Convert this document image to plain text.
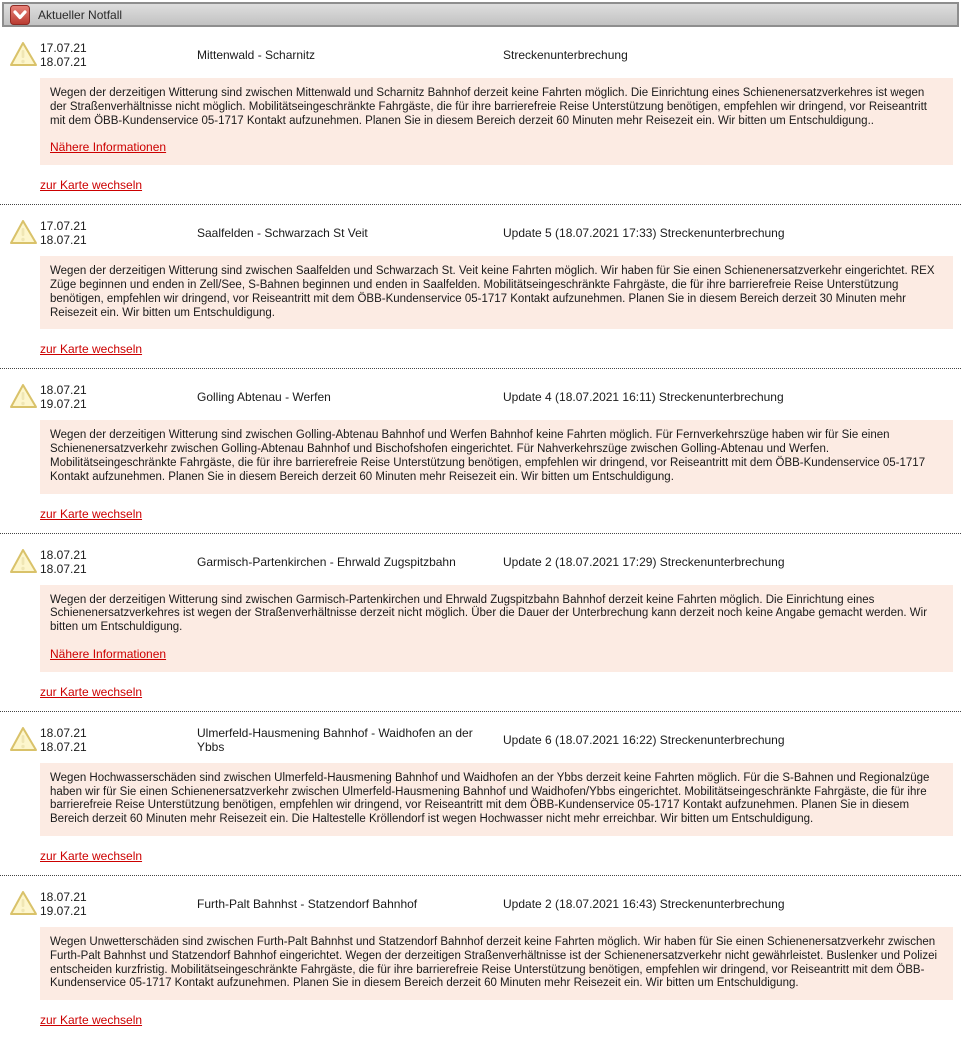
Aktueller Notfall
17.07.21
18.07.21	Mittenwald - Scharnitz	Streckenunterbrechung
Wegen der derzeitigen Witterung sind zwischen Mittenwald und Scharnitz Bahnhof derzeit keine Fahrten möglich. Die Einrichtung eines Schienenersatzverkehres ist wegen der Straßenverhältnisse nicht möglich. Mobilitätseingeschränkte Fahrgäste, die für ihre barrierefreie Reise Unterstützung benötigen, empfehlen wir dringend, vor Reiseantritt mit dem ÖBB-Kundenservice 05-1717 Kontakt aufzunehmen. Planen Sie in diesem Bereich derzeit 60 Minuten mehr Reisezeit ein. Wir bitten um Entschuldigung..
Nähere Informationen
zur Karte wechseln
17.07.21
18.07.21	Saalfelden - Schwarzach St Veit	Update 5 (18.07.2021 17:33) Streckenunterbrechung
Wegen der derzeitigen Witterung sind zwischen Saalfelden und Schwarzach St. Veit keine Fahrten möglich. Wir haben für Sie einen Schienenersatzverkehr eingerichtet. REX Züge beginnen und enden in Zell/See, S-Bahnen beginnen und enden in Saalfelden. Mobilitätseingeschränkte Fahrgäste, die für ihre barrierefreie Reise Unterstützung benötigen, empfehlen wir dringend, vor Reiseantritt mit dem ÖBB-Kundenservice 05-1717 Kontakt aufzunehmen. Planen Sie in diesem Bereich derzeit 30 Minuten mehr Reisezeit ein. Wir bitten um Entschuldigung.
zur Karte wechseln
18.07.21
19.07.21	Golling Abtenau - Werfen	Update 4 (18.07.2021 16:11) Streckenunterbrechung
Wegen der derzeitigen Witterung sind zwischen Golling-Abtenau Bahnhof und Werfen Bahnhof keine Fahrten möglich. Für Fernverkehrszüge haben wir für Sie einen Schienenersatzverkehr zwischen Golling-Abtenau Bahnhof und Bischofshofen eingerichtet. Für Nahverkehrszüge zwischen Golling-Abtenau und Werfen. Mobilitätseingeschränkte Fahrgäste, die für ihre barrierefreie Reise Unterstützung benötigen, empfehlen wir dringend, vor Reiseantritt mit dem ÖBB-Kundenservice 05-1717 Kontakt aufzunehmen. Planen Sie in diesem Bereich derzeit 60 Minuten mehr Reisezeit ein. Wir bitten um Entschuldigung.
zur Karte wechseln
18.07.21
18.07.21	Garmisch-Partenkirchen - Ehrwald Zugspitzbahn	Update 2 (18.07.2021 17:29) Streckenunterbrechung
Wegen der derzeitigen Witterung sind zwischen Garmisch-Partenkirchen und Ehrwald Zugspitzbahn Bahnhof derzeit keine Fahrten möglich. Die Einrichtung eines Schienenersatzverkehres ist wegen der Straßenverhältnisse derzeit nicht möglich. Über die Dauer der Unterbrechung kann derzeit noch keine Angabe gemacht werden. Wir bitten um Entschuldigung.
Nähere Informationen
zur Karte wechseln
18.07.21
18.07.21
Ulmerfeld-Hausmening Bahnhof - Waidhofen an der Ybbs	Update 6 (18.07.2021 16:22) Streckenunterbrechung
Wegen Hochwasserschäden sind zwischen Ulmerfeld-Hausmening Bahnhof und Waidhofen an der Ybbs derzeit keine Fahrten möglich. Für die S-Bahnen und Regionalzüge haben wir für Sie einen Schienenersatzverkehr zwischen Ulmerfeld-Hausmening Bahnhof und Waidhofen/Ybbs eingerichtet. Mobilitätseingeschränkte Fahrgäste, die für ihre barrierefreie Reise Unterstützung benötigen, empfehlen wir dringend, vor Reiseantritt mit dem ÖBB-Kundenservice 05-1717 Kontakt aufzunehmen. Planen Sie in diesem Bereich derzeit 60 Minuten mehr Reisezeit ein. Die Haltestelle Kröllendorf ist wegen Hochwasser nicht mehr erreichbar. Wir bitten um Entschuldigung.
zur Karte wechseln
18.07.21
19.07.21	Furth-Palt Bahnhst - Statzendorf Bahnhof	Update 2 (18.07.2021 16:43) Streckenunterbrechung
Wegen Unwetterschäden sind zwischen Furth-Palt Bahnhst und Statzendorf Bahnhof derzeit keine Fahrten möglich. Wir haben für Sie einen Schienenersatzverkehr zwischen Furth-Palt Bahnhst und Statzendorf Bahnhof eingerichtet. Wegen der derzeitigen Straßenverhältnisse ist der Schienenersatzverkehr nicht gewährleistet. Buslenker und Polizei entscheiden kurzfristig. Mobilitätseingeschränkte Fahrgäste, die für ihre barrierefreie Reise Unterstützung benötigen, empfehlen wir dringend, vor Reiseantritt mit dem ÖBB-Kundenservice 05-1717 Kontakt aufzunehmen. Planen Sie in diesem Bereich derzeit 60 Minuten mehr Reisezeit ein. Wir bitten um Entschuldigung.
zur Karte wechseln
